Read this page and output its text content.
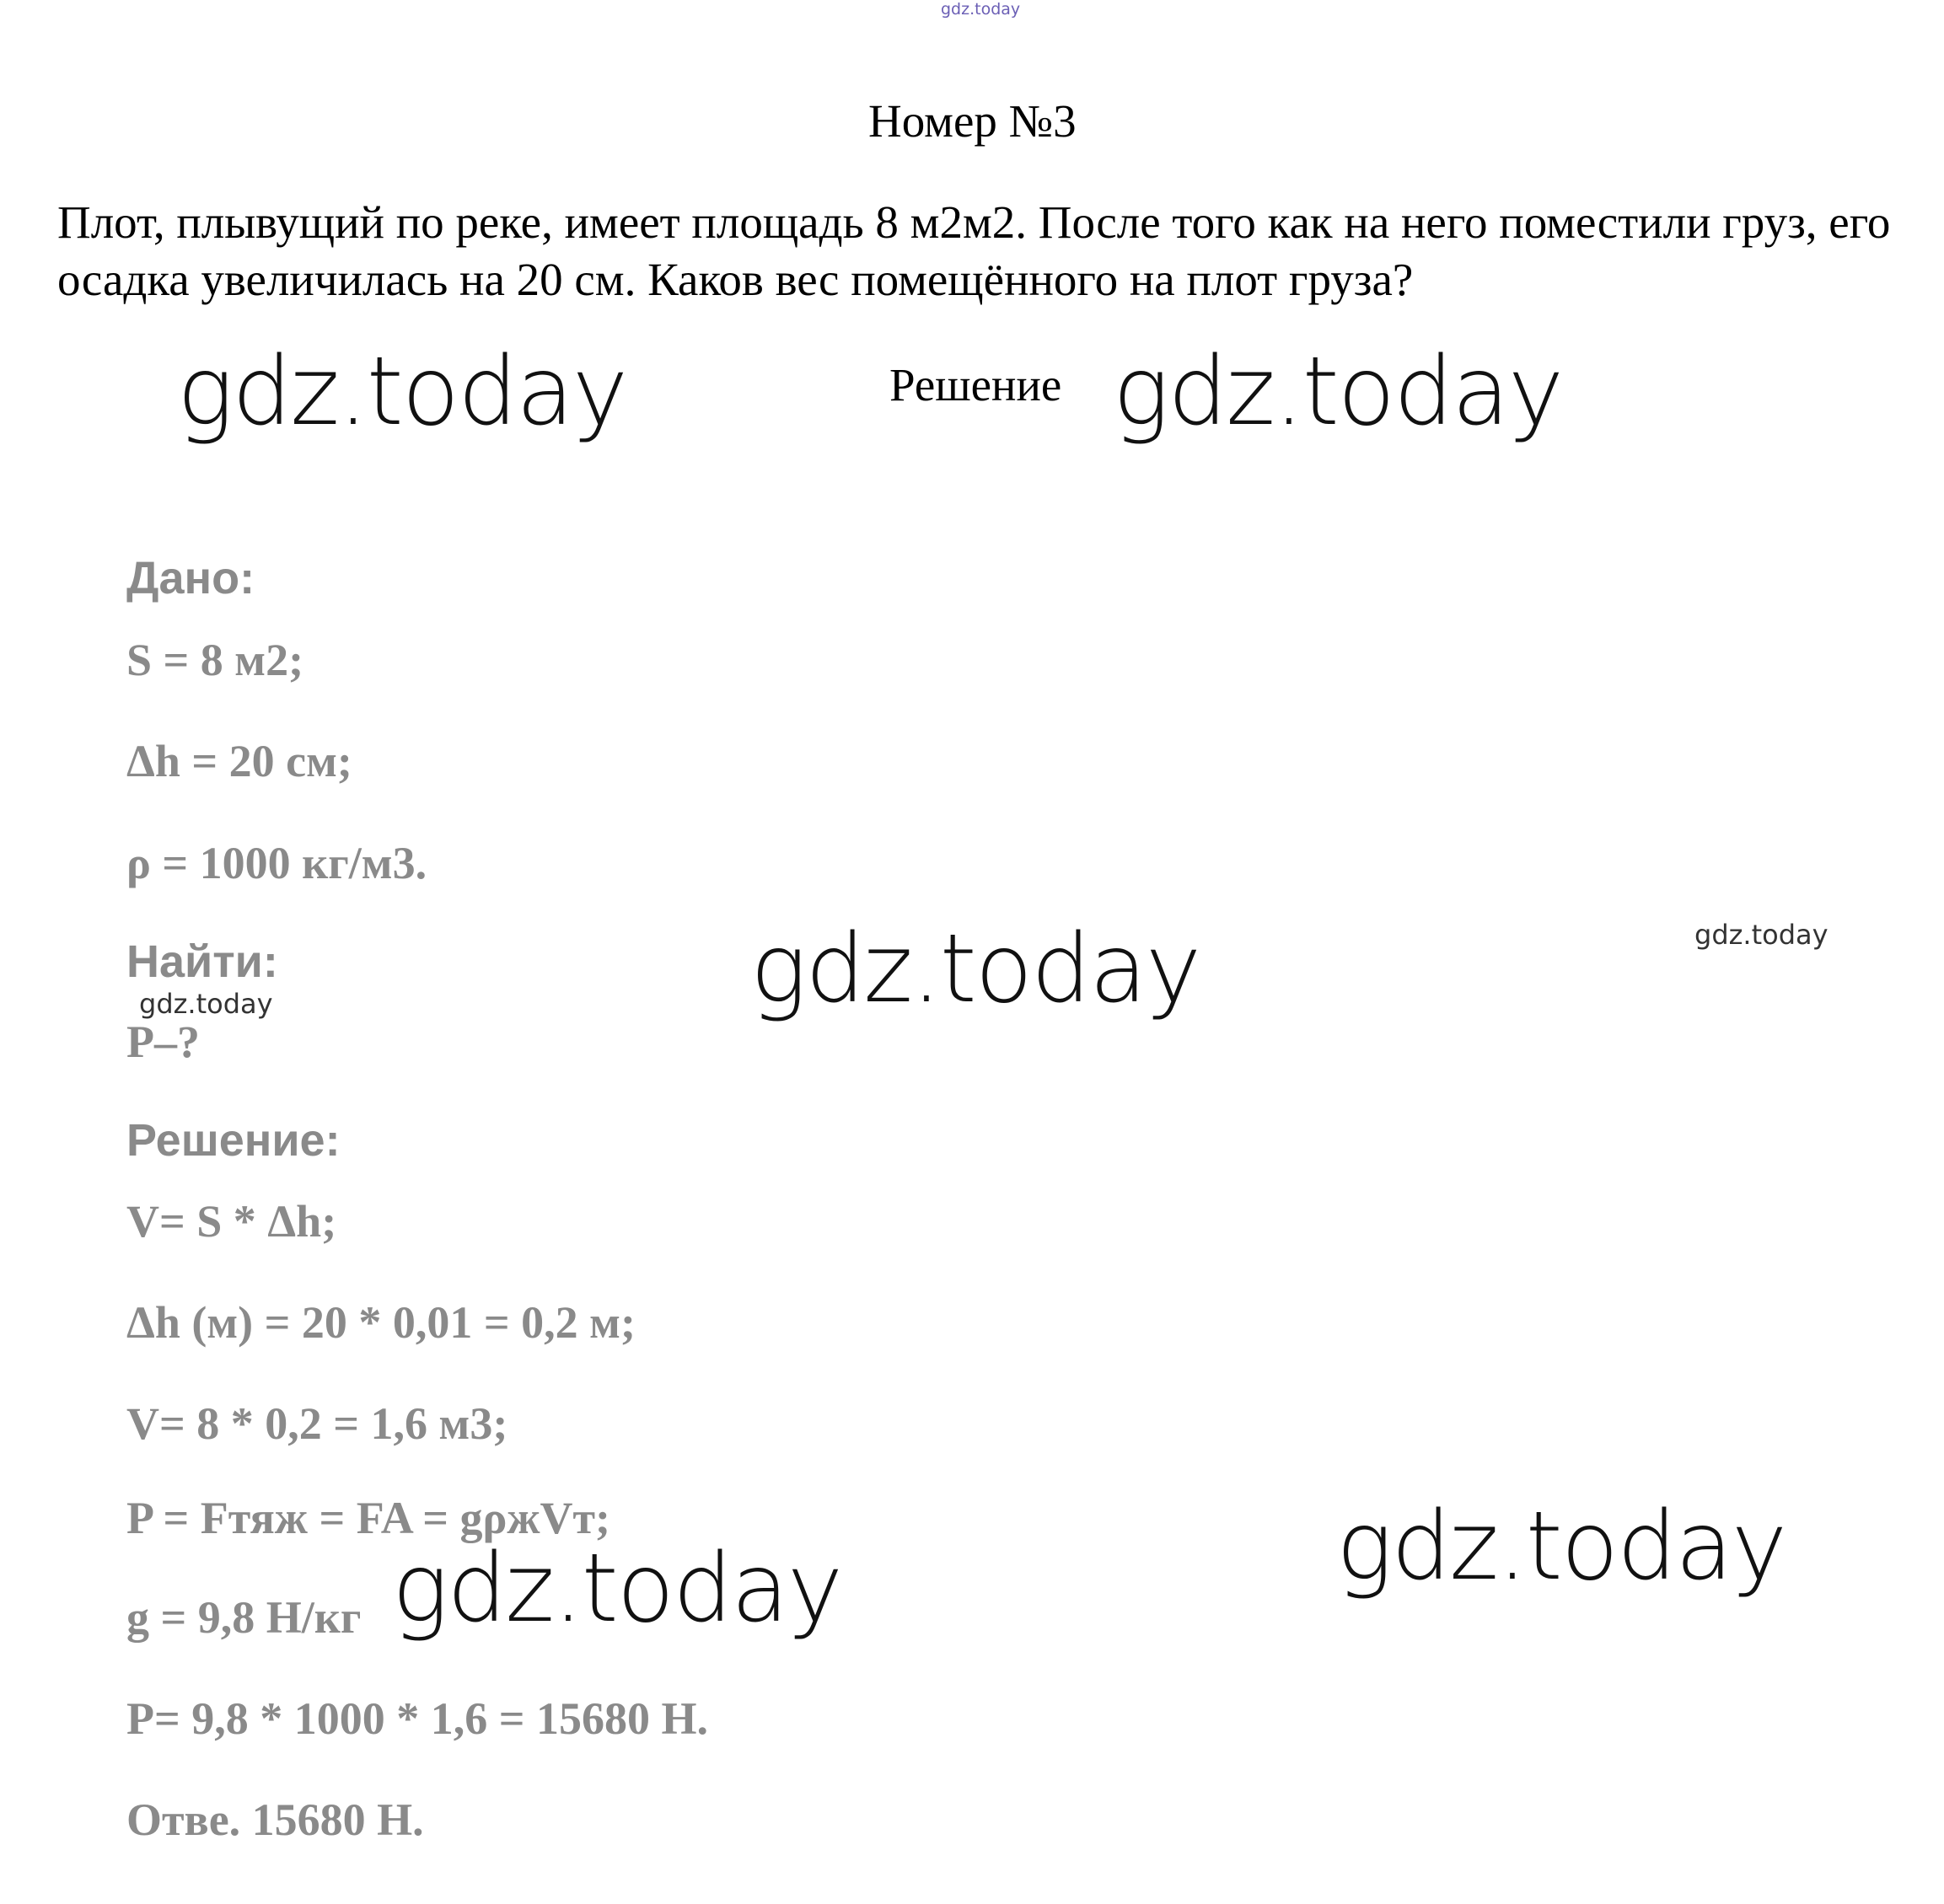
gdz.today
Номер №3
Плот, плывущий по реке, имеет площадь 8 м2м2. После того как на него поместили груз, его осадка увеличилась на 20 см. Каков вес помещённого на плот груза?
Решение
gdz.today	gdz.today
gdz.today	gdz.today
gdz.today
gdz.today
gdz.today
Дано:
S = 8 м2;
Δh = 20 см;
ρ = 1000 кг/м3.
Найти:
P–?
Решение:
V= S * Δh;
Δh (м) = 20 * 0,01 = 0,2 м;
V= 8 * 0,2 = 1,6 м3;
P = Fтяж = FA = gρжVт;
g = 9,8 Н/кг
P= 9,8 * 1000 * 1,6 = 15680 Н.
Отве. 15680 Н.
